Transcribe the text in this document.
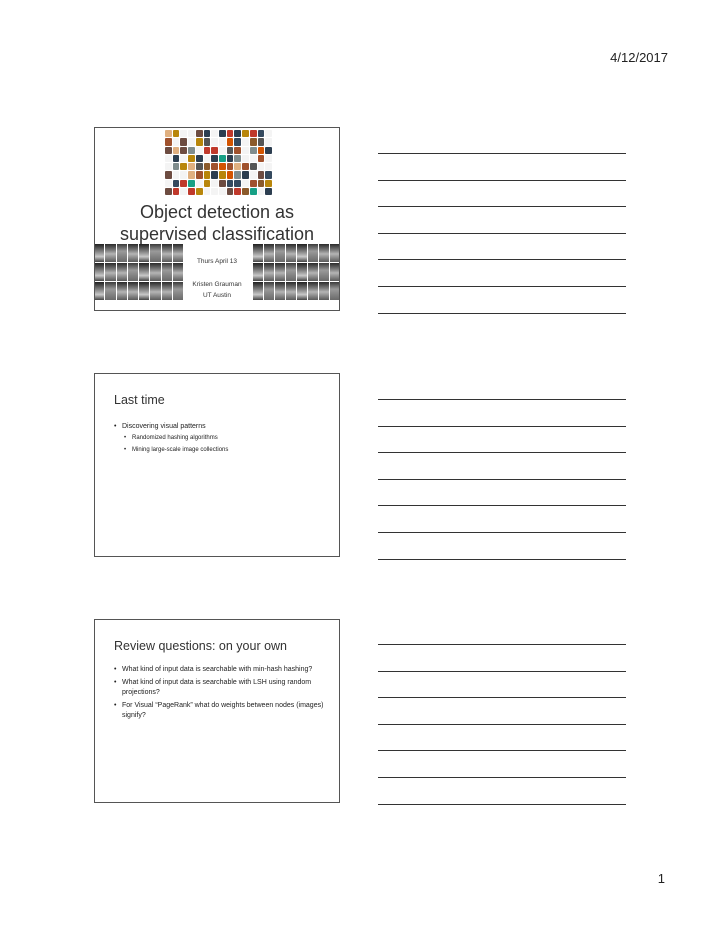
4/12/2017
Object detection as supervised classification
Thurs April 13
Kristen Grauman
UT Austin
Last time
• Discovering visual patterns
• Randomized hashing algorithms
• Mining large-scale image collections
Review questions: on your own
• What kind of input data is searchable with min-hash hashing?
• What kind of input data is searchable with LSH using random projections?
• For Visual “PageRank” what do weights between nodes (images) signify?
1
